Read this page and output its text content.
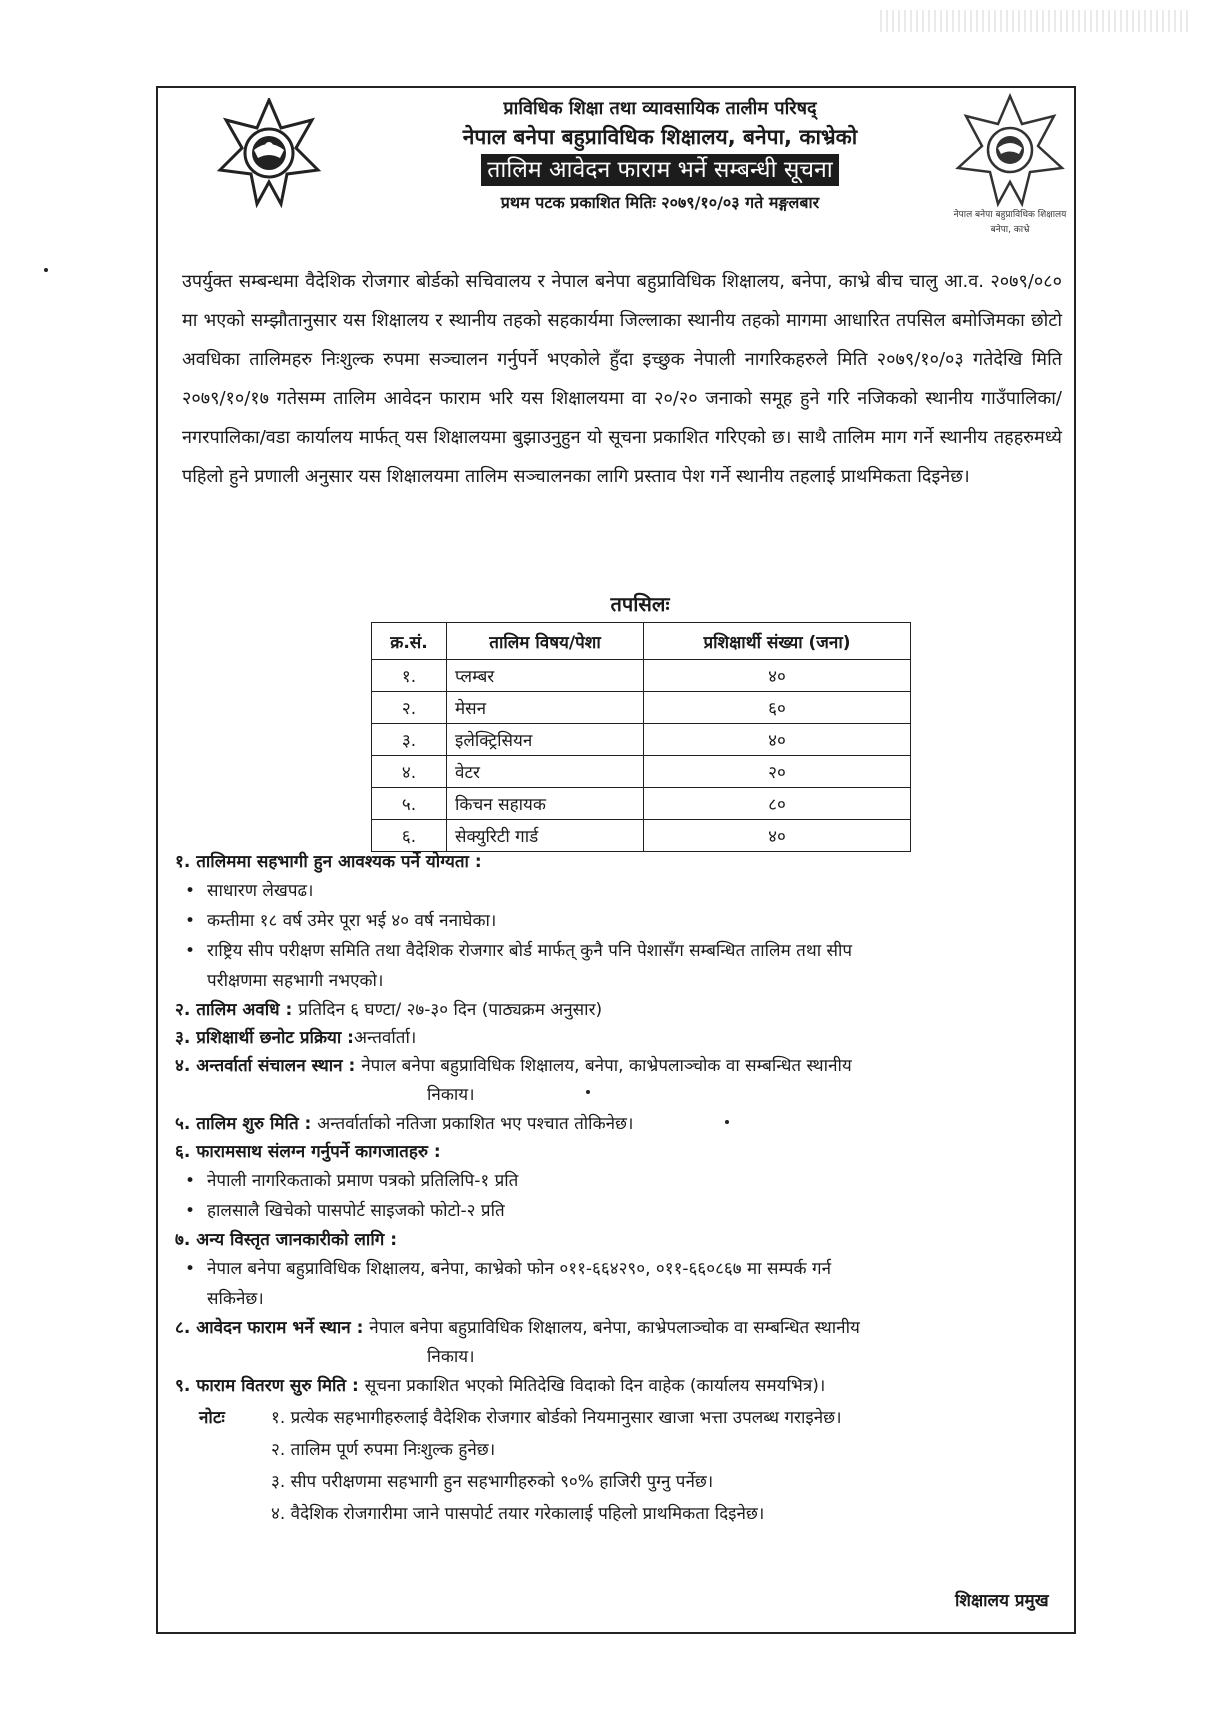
नेपाल बनेपा बहुप्राविधिक शिक्षालय
बनेपा, काभ्रे
प्राविधिक शिक्षा तथा व्यावसायिक तालीम परिषद्
नेपाल बनेपा बहुप्राविधिक शिक्षालय, बनेपा, काभ्रेको
तालिम आवेदन फाराम भर्ने सम्बन्धी सूचना
प्रथम पटक प्रकाशित मितिः २०७९/१०/०३ गते मङ्गलबार

उपर्युक्त सम्बन्धमा वैदेशिक रोजगार बोर्डको सचिवालय र नेपाल बनेपा बहुप्राविधिक शिक्षालय, बनेपा, काभ्रे बीच चालु आ.व. २०७९/०८० मा भएको सम्झौतानुसार यस शिक्षालय र स्थानीय तहको सहकार्यमा जिल्लाका स्थानीय तहको मागमा आधारित तपसिल बमोजिमका छोटो अवधिका तालिमहरु निःशुल्क रुपमा सञ्चालन गर्नुपर्ने भएकोले हुँदा इच्छुक नेपाली नागरिकहरुले मिति २०७९/१०/०३ गतेदेखि मिति २०७९/१०/१७ गतेसम्म तालिम आवेदन फाराम भरि यस शिक्षालयमा वा २०/२० जनाको समूह हुने गरि नजिकको स्थानीय गाउँपालिका/नगरपालिका/वडा कार्यालय मार्फत् यस शिक्षालयमा बुझाउनुहुन यो सूचना प्रकाशित गरिएको छ। साथै तालिम माग गर्ने स्थानीय तहहरुमध्ये पहिलो हुने प्रणाली अनुसार यस शिक्षालयमा तालिम सञ्चालनका लागि प्रस्ताव पेश गर्ने स्थानीय तहलाई प्राथमिकता दिइनेछ।

तपसिलः
क्र.सं.	तालिम विषय/पेशा	प्रशिक्षार्थी संख्या (जना)
१.	प्लम्बर	४०
२.	मेसन	६०
३.	इलेक्ट्रिसियन	४०
४.	वेटर	२०
५.	किचन सहायक	८०
६.	सेक्युरिटी गार्ड	४०
१. तालिममा सहभागी हुन आवश्यक पर्ने योग्यता :
• साधारण लेखपढ।
• कम्तीमा १८ वर्ष उमेर पूरा भई ४० वर्ष ननाघेका।
• राष्ट्रिय सीप परीक्षण समिति तथा वैदेशिक रोजगार बोर्ड मार्फत् कुनै पनि पेशासँग सम्बन्धित तालिम तथा सीप
परीक्षणमा सहभागी नभएको।
२. तालिम अवधि : प्रतिदिन ६ घण्टा/ २७-३० दिन (पाठ्यक्रम अनुसार)
३. प्रशिक्षार्थी छनोट प्रक्रिया :अन्तर्वार्ता।
४. अन्तर्वार्ता संचालन स्थान : नेपाल बनेपा बहुप्राविधिक शिक्षालय, बनेपा, काभ्रेपलाञ्चोक वा सम्बन्धित स्थानीय
निकाय।
५. तालिम शुरु मिति : अन्तर्वार्ताको नतिजा प्रकाशित भए पश्चात तोकिनेछ।
६. फारामसाथ संलग्न गर्नुपर्ने कागजातहरु :
• नेपाली नागरिकताको प्रमाण पत्रको प्रतिलिपि-१ प्रति
• हालसालै खिचेको पासपोर्ट साइजको फोटो-२ प्रति
७. अन्य विस्तृत जानकारीको लागि :
• नेपाल बनेपा बहुप्राविधिक शिक्षालय, बनेपा, काभ्रेको फोन ०११-६६४२९०, ०११-६६०८६७ मा सम्पर्क गर्न
सकिनेछ।
८. आवेदन फाराम भर्ने स्थान : नेपाल बनेपा बहुप्राविधिक शिक्षालय, बनेपा, काभ्रेपलाञ्चोक वा सम्बन्धित स्थानीय
निकाय।
९. फाराम वितरण सुरु मिति : सूचना प्रकाशित भएको मितिदेखि विदाको दिन वाहेक (कार्यालय समयभित्र)।
नोटः	१. प्रत्येक सहभागीहरुलाई वैदेशिक रोजगार बोर्डको नियमानुसार खाजा भत्ता उपलब्ध गराइनेछ।
२. तालिम पूर्ण रुपमा निःशुल्क हुनेछ।
३. सीप परीक्षणमा सहभागी हुन सहभागीहरुको ९०% हाजिरी पुग्नु पर्नेछ।
४. वैदेशिक रोजगारीमा जाने पासपोर्ट तयार गरेकालाई पहिलो प्राथमिकता दिइनेछ।
शिक्षालय प्रमुख
